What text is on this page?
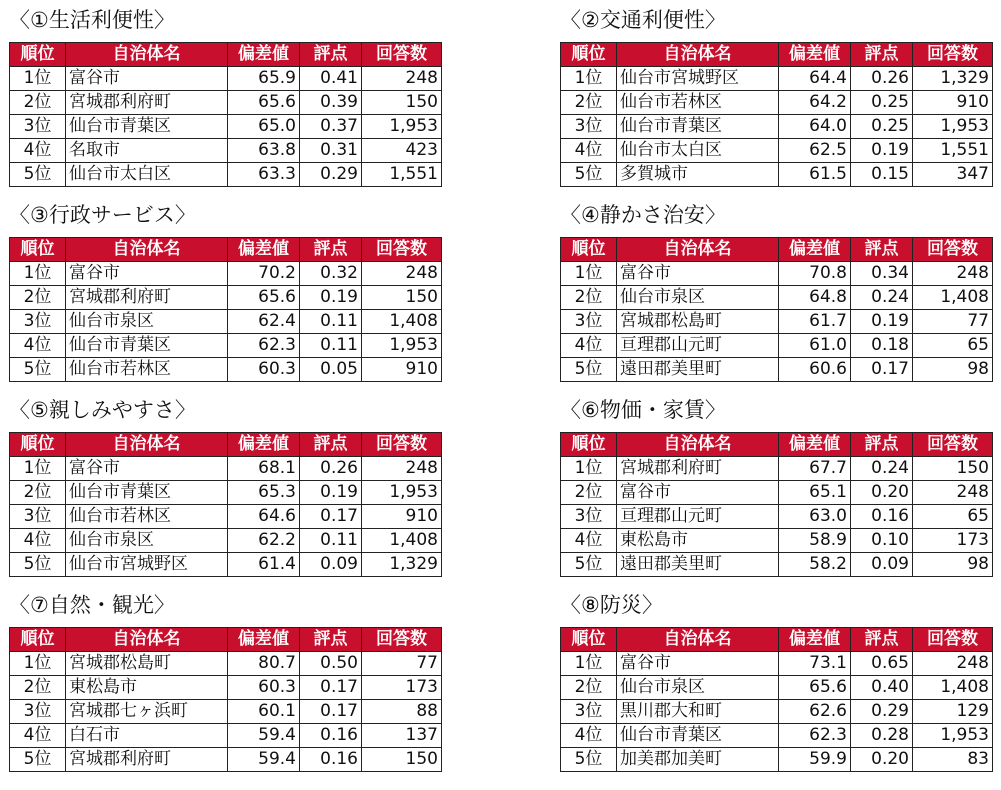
〈①生活利便性〉
順位	自治体名	偏差値	評点	回答数
1位	富谷市	65.9	0.41	248
2位	宮城郡利府町	65.6	0.39	150
3位	仙台市青葉区	65.0	0.37	1,953
4位	名取市	63.8	0.31	423
5位	仙台市太白区	63.3	0.29	1,551
〈②交通利便性〉
順位	自治体名	偏差値	評点	回答数
1位	仙台市宮城野区	64.4	0.26	1,329
2位	仙台市若林区	64.2	0.25	910
3位	仙台市青葉区	64.0	0.25	1,953
4位	仙台市太白区	62.5	0.19	1,551
5位	多賀城市	61.5	0.15	347
〈③行政サービス〉
順位	自治体名	偏差値	評点	回答数
1位	富谷市	70.2	0.32	248
2位	宮城郡利府町	65.6	0.19	150
3位	仙台市泉区	62.4	0.11	1,408
4位	仙台市青葉区	62.3	0.11	1,953
5位	仙台市若林区	60.3	0.05	910
〈④静かさ治安〉
順位	自治体名	偏差値	評点	回答数
1位	富谷市	70.8	0.34	248
2位	仙台市泉区	64.8	0.24	1,408
3位	宮城郡松島町	61.7	0.19	77
4位	亘理郡山元町	61.0	0.18	65
5位	遠田郡美里町	60.6	0.17	98
〈⑤親しみやすさ〉
順位	自治体名	偏差値	評点	回答数
1位	富谷市	68.1	0.26	248
2位	仙台市青葉区	65.3	0.19	1,953
3位	仙台市若林区	64.6	0.17	910
4位	仙台市泉区	62.2	0.11	1,408
5位	仙台市宮城野区	61.4	0.09	1,329
〈⑥物価・家賃〉
順位	自治体名	偏差値	評点	回答数
1位	宮城郡利府町	67.7	0.24	150
2位	富谷市	65.1	0.20	248
3位	亘理郡山元町	63.0	0.16	65
4位	東松島市	58.9	0.10	173
5位	遠田郡美里町	58.2	0.09	98
〈⑦自然・観光〉
順位	自治体名	偏差値	評点	回答数
1位	宮城郡松島町	80.7	0.50	77
2位	東松島市	60.3	0.17	173
3位	宮城郡七ヶ浜町	60.1	0.17	88
4位	白石市	59.4	0.16	137
5位	宮城郡利府町	59.4	0.16	150
〈⑧防災〉
順位	自治体名	偏差値	評点	回答数
1位	富谷市	73.1	0.65	248
2位	仙台市泉区	65.6	0.40	1,408
3位	黒川郡大和町	62.6	0.29	129
4位	仙台市青葉区	62.3	0.28	1,953
5位	加美郡加美町	59.9	0.20	83
